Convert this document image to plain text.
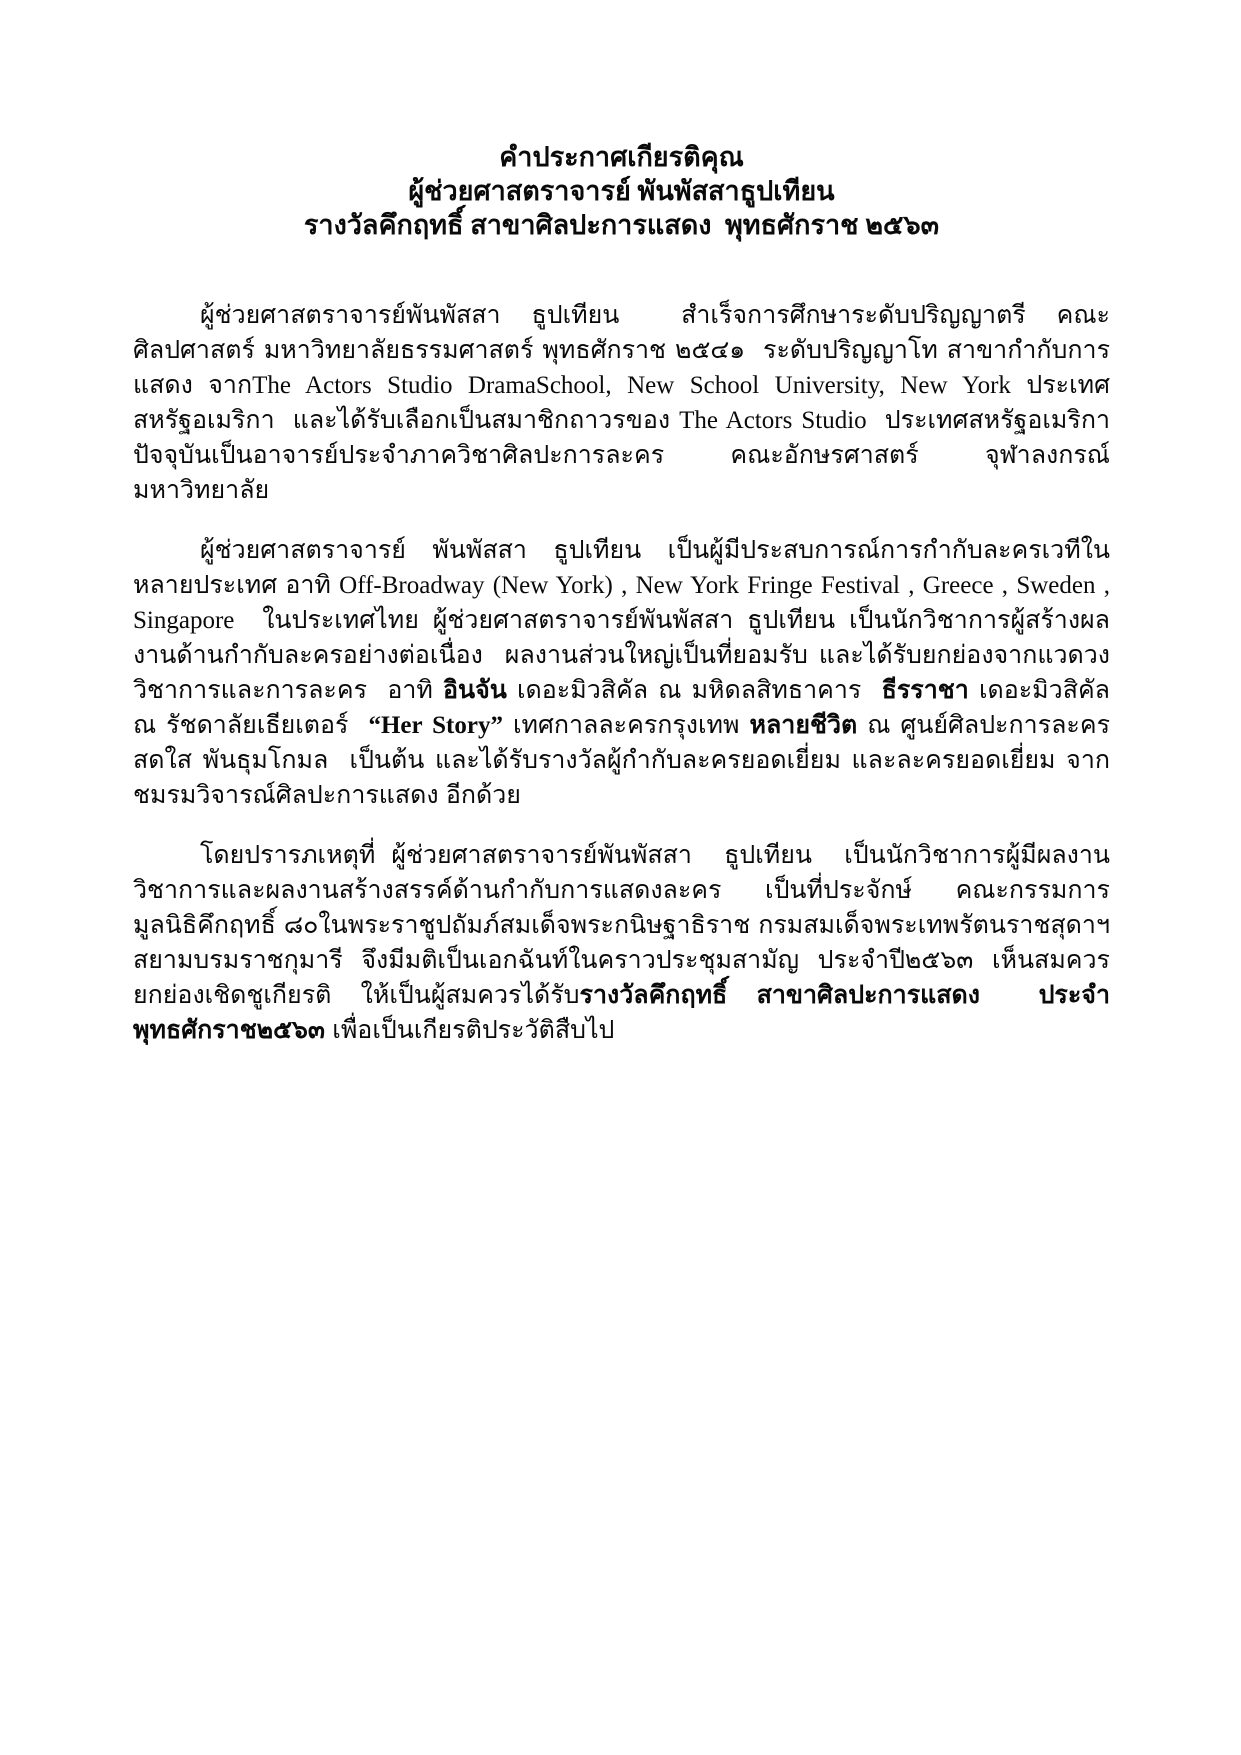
คำประกาศเกียรติคุณ

ผู้ช่วยศาสตราจารย์ พันพัสสาธูปเทียน

รางวัลคึกฤทธิ์ สาขาศิลปะการแสดง  พุทธศักราช ๒๕๖๓

ผู้ช่วยศาสตราจารย์พันพัสสา ธูปเทียน  สำเร็จการศึกษาระดับปริญญาตรี คณะศิลปศาสตร์ มหาวิทยาลัยธรรมศาสตร์ พุทธศักราช ๒๕๔๑  ระดับปริญญาโท สาขากำกับการแสดง จากThe Actors Studio DramaSchool, New School University, New York ประเทศสหรัฐอเมริกา  และได้รับเลือกเป็นสมาชิกถาวรของ The Actors Studio  ประเทศสหรัฐอเมริกา ปัจจุบันเป็นอาจารย์ประจำภาควิชาศิลปะการละคร คณะอักษรศาสตร์ จุฬาลงกรณ์มหาวิทยาลัย

ผู้ช่วยศาสตราจารย์ พันพัสสา ธูปเทียน เป็นผู้มีประสบการณ์การกำกับละครเวทีในหลายประเทศ อาทิ Off-Broadway (New York) , New York Fringe Festival , Greece , Sweden , Singapore  ในประเทศไทย ผู้ช่วยศาสตราจารย์พันพัสสา ธูปเทียน เป็นนักวิชาการผู้สร้างผลงานด้านกำกับละครอย่างต่อเนื่อง  ผลงานส่วนใหญ่เป็นที่ยอมรับ และได้รับยกย่องจากแวดวงวิชาการและการละคร  อาทิ อินจัน เดอะมิวสิคัล ณ มหิดลสิทธาคาร  ธีรราชา เดอะมิวสิคัล ณ รัชดาลัยเธียเตอร์  “Her Story” เทศกาลละครกรุงเทพ หลายชีวิต ณ ศูนย์ศิลปะการละครสดใส พันธุมโกมล  เป็นต้น และได้รับรางวัลผู้กำกับละครยอดเยี่ยม และละครยอดเยี่ยม จากชมรมวิจารณ์ศิลปะการแสดง อีกด้วย

โดยปรารภเหตุที่ ผู้ช่วยศาสตราจารย์พันพัสสา  ธูปเทียน  เป็นนักวิชาการผู้มีผลงานวิชาการและผลงานสร้างสรรค์ด้านกำกับการแสดงละคร  เป็นที่ประจักษ์  คณะกรรมการมูลนิธิคึกฤทธิ์ ๘๐ในพระราชูปถัมภ์สมเด็จพระกนิษฐาธิราช กรมสมเด็จพระเทพรัตนราชสุดาฯ สยามบรมราชกุมารี จึงมีมติเป็นเอกฉันท์ในคราวประชุมสามัญ ประจำปี๒๕๖๓ เห็นสมควรยกย่องเชิดชูเกียรติ ให้เป็นผู้สมควรได้รับรางวัลคึกฤทธิ์ สาขาศิลปะการแสดง  ประจำพุทธศักราช๒๕๖๓ เพื่อเป็นเกียรติประวัติสืบไป
